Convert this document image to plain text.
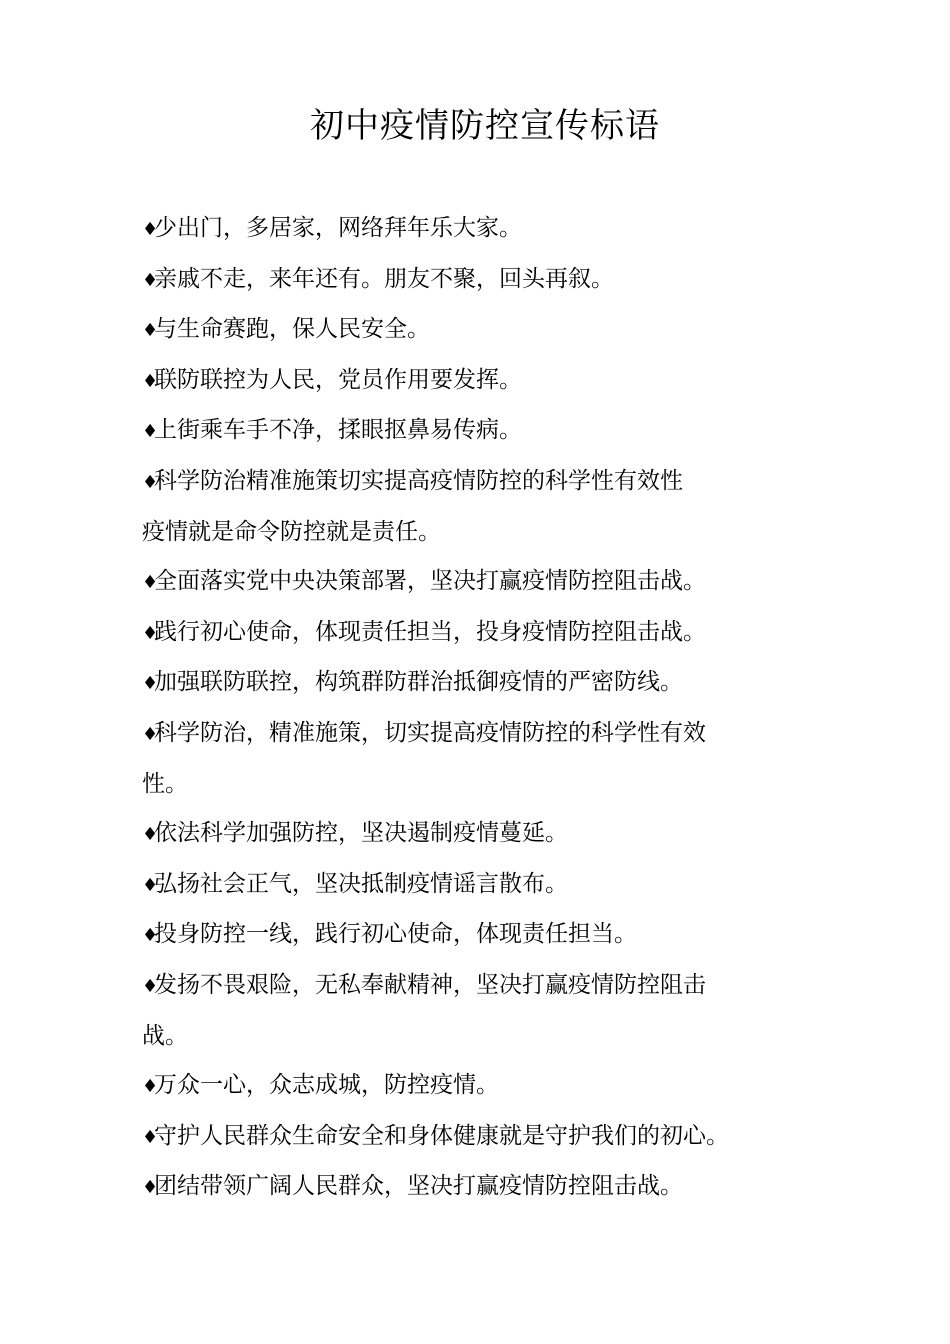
初中疫情防控宣传标语
♦少出门，多居家，网络拜年乐大家。
♦亲戚不走，来年还有。朋友不聚，回头再叙。
♦与生命赛跑，保人民安全。
♦联防联控为人民，党员作用要发挥。
♦上街乘车手不净，揉眼抠鼻易传病。
♦科学防治精准施策切实提高疫情防控的科学性有效性
疫情就是命令防控就是责任。
♦全面落实党中央决策部署，坚决打赢疫情防控阻击战。
♦践行初心使命，体现责任担当，投身疫情防控阻击战。
♦加强联防联控，构筑群防群治抵御疫情的严密防线。
♦科学防治，精准施策，切实提高疫情防控的科学性有效
性。
♦依法科学加强防控，坚决遏制疫情蔓延。
♦弘扬社会正气，坚决抵制疫情谣言散布。
♦投身防控一线，践行初心使命，体现责任担当。
♦发扬不畏艰险，无私奉献精神，坚决打赢疫情防控阻击
战。
♦万众一心，众志成城，防控疫情。
♦守护人民群众生命安全和身体健康就是守护我们的初心。
♦团结带领广阔人民群众，坚决打赢疫情防控阻击战。
